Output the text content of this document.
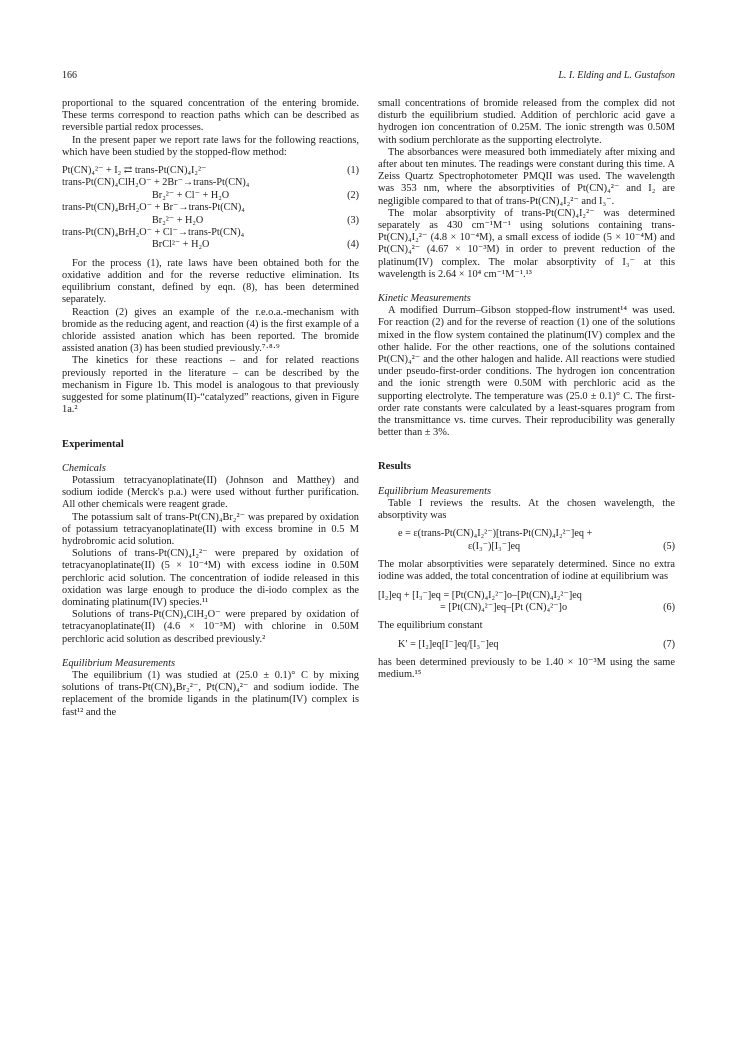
166	L. I. Elding and L. Gustafson

proportional to the squared concentration of the entering bromide. These terms correspond to reaction paths which can be described as reversible partial redox processes.

In the present paper we report rate laws for the following reactions, which have been studied by the stopped-flow method:

Pt(CN)₄²⁻ + I₂ ⇄ trans-Pt(CN)₄I₂²⁻	(1)
trans-Pt(CN)₄ClH₂O⁻ + 2Br⁻→trans-Pt(CN)₄
Br₂²⁻ + Cl⁻ + H₂O	(2)
trans-Pt(CN)₄BrH₂O⁻ + Br⁻→trans-Pt(CN)₄
Br₂²⁻ + H₂O	(3)
trans-Pt(CN)₄BrH₂O⁻ + Cl⁻→trans-Pt(CN)₄
BrCl²⁻ + H₂O	(4)

For the process (1), rate laws have been obtained both for the oxidative addition and for the reverse reductive elimination. Its equilibrium constant, defined by eqn. (8), has been determined separately.

Reaction (2) gives an example of the r.e.o.a.-mechanism with bromide as the reducing agent, and reaction (4) is the first example of a chloride assisted anation which has been reported. The bromide assisted anation (3) has been studied previously.⁷·⁸·⁹

The kinetics for these reactions – and for related reactions previously reported in the literature – can be described by the mechanism in Figure 1b. This model is analogous to that previously suggested for some platinum(II)-“catalyzed” reactions, given in Figure 1a.²

Experimental
Chemicals

Potassium tetracyanoplatinate(II) (Johnson and Matthey) and sodium iodide (Merck's p.a.) were used without further purification. All other chemicals were reagent grade.

The potassium salt of trans-Pt(CN)₄Br₂²⁻ was prepared by oxidation of potassium tetracyanoplatinate(II) with excess bromine in 0.5 M hydrobromic acid solution.

Solutions of trans-Pt(CN)₄I₂²⁻ were prepared by oxidation of tetracyanoplatinate(II) (5 × 10⁻⁴M) with excess iodine in 0.50M perchloric acid solution. The concentration of iodide released in this oxidation was large enough to produce the di-iodo complex as the dominating platinum(IV) species.¹¹

Solutions of trans-Pt(CN)₄ClH₂O⁻ were prepared by oxidation of tetracyanoplatinate(II) (4.6 × 10⁻³M) with chlorine in 0.50M perchloric acid solution as described previously.²

Equilibrium Measurements

The equilibrium (1) was studied at (25.0 ± 0.1)° C by mixing solutions of trans-Pt(CN)₄Br₂²⁻, Pt(CN)₄²⁻ and sodium iodide. The replacement of the bromide ligands in the platinum(IV) complex is fast¹² and the

small concentrations of bromide released from the complex did not disturb the equilibrium studied. Addition of perchloric acid gave a hydrogen ion concentration of 0.25M. The ionic strength was 0.50M with sodium perchlorate as the supporting electrolyte.

The absorbances were measured both immediately after mixing and after about ten minutes. The readings were constant during this time. A Zeiss Quartz Spectrophotometer PMQII was used. The wavelength was 353 nm, where the absorptivities of Pt(CN)₄²⁻ and I₂ are negligible compared to that of trans-Pt(CN)₄I₂²⁻ and I₃⁻.

The molar absorptivity of trans-Pt(CN)₄I₂²⁻ was determined separately as 430 cm⁻¹M⁻¹ using solutions containing trans-Pt(CN)₄I₂²⁻ (4.8 × 10⁻⁴M), a small excess of iodide (5 × 10⁻⁴M) and Pt(CN)₄²⁻ (4.67 × 10⁻³M) in order to prevent reduction of the platinum(IV) complex. The molar absorptivity of I₃⁻ at this wavelength is 2.64 × 10⁴ cm⁻¹M⁻¹.¹³

Kinetic Measurements

A modified Durrum–Gibson stopped-flow instrument¹⁴ was used. For reaction (2) and for the reverse of reaction (1) one of the solutions mixed in the flow system contained the platinum(IV) complex and the other halide. For the other reactions, one of the solutions contained Pt(CN)₄²⁻ and the other halogen and halide. All reactions were studied under pseudo-first-order conditions. The hydrogen ion concentration and the ionic strength were 0.50M with perchloric acid as the supporting electrolyte. The temperature was (25.0 ± 0.1)° C. The first-order rate constants were calculated by a least-squares program from the transmittance vs. time curves. Their reproducibility was generally better than ± 3%.

Results
Equilibrium Measurements

Table I reviews the results. At the chosen wavelength, the absorptivity was

e = ε(trans-Pt(CN)₄I₂²⁻)[trans-Pt(CN)₄I₂²⁻]eq +
ε(I₃⁻)[I₃⁻]eq	(5)

The molar absorptivities were separately determined. Since no extra iodine was added, the total concentration of iodine at equilibrium was

[I₂]eq + [I₃⁻]eq = [Pt(CN)₄I₂²⁻]o–[Pt(CN)₄I₂²⁻]eq
= [Pt(CN)₄²⁻]eq–[Pt (CN)₄²⁻]o	(6)

The equilibrium constant

K′ = [I₂]eq[I⁻]eq/[I₃⁻]eq	(7)

has been determined previously to be 1.40 × 10⁻³M using the same medium.¹⁵
